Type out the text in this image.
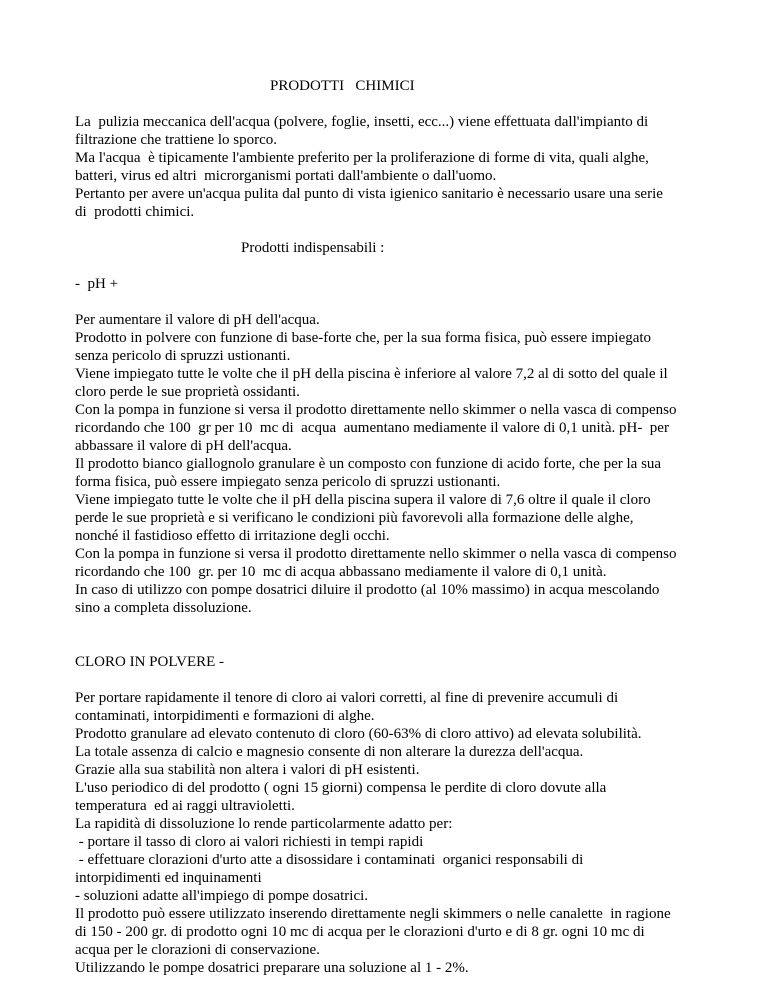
PRODOTTI   CHIMICI

La  pulizia meccanica dell'acqua (polvere, foglie, insetti, ecc...) viene effettuata dall'impianto di
filtrazione che trattiene lo sporco.
Ma l'acqua  è tipicamente l'ambiente preferito per la proliferazione di forme di vita, quali alghe,
batteri, virus ed altri  microrganismi portati dall'ambiente o dall'uomo.
Pertanto per avere un'acqua pulita dal punto di vista igienico sanitario è necessario usare una serie
di  prodotti chimici.

Prodotti indispensabili :

-  pH +

Per aumentare il valore di pH dell'acqua.
Prodotto in polvere con funzione di base-forte che, per la sua forma fisica, può essere impiegato
senza pericolo di spruzzi ustionanti.
Viene impiegato tutte le volte che il pH della piscina è inferiore al valore 7,2 al di sotto del quale il
cloro perde le sue proprietà ossidanti.
Con la pompa in funzione si versa il prodotto direttamente nello skimmer o nella vasca di compenso
ricordando che 100  gr per 10  mc di  acqua  aumentano mediamente il valore di 0,1 unità. pH-  per
abbassare il valore di pH dell'acqua.
Il prodotto bianco giallognolo granulare è un composto con funzione di acido forte, che per la sua
forma fisica, può essere impiegato senza pericolo di spruzzi ustionanti.
Viene impiegato tutte le volte che il pH della piscina supera il valore di 7,6 oltre il quale il cloro
perde le sue proprietà e si verificano le condizioni più favorevoli alla formazione delle alghe,
nonché il fastidioso effetto di irritazione degli occhi.
Con la pompa in funzione si versa il prodotto direttamente nello skimmer o nella vasca di compenso
ricordando che 100  gr. per 10  mc di acqua abbassano mediamente il valore di 0,1 unità.
In caso di utilizzo con pompe dosatrici diluire il prodotto (al 10% massimo) in acqua mescolando
sino a completa dissoluzione.

CLORO IN POLVERE -

Per portare rapidamente il tenore di cloro ai valori corretti, al fine di prevenire accumuli di
contaminati, intorpidimenti e formazioni di alghe.
Prodotto granulare ad elevato contenuto di cloro (60-63% di cloro attivo) ad elevata solubilità.
La totale assenza di calcio e magnesio consente di non alterare la durezza dell'acqua.
Grazie alla sua stabilità non altera i valori di pH esistenti.
L'uso periodico di del prodotto ( ogni 15 giorni) compensa le perdite di cloro dovute alla
temperatura  ed ai raggi ultravioletti.
La rapidità di dissoluzione lo rende particolarmente adatto per:
- portare il tasso di cloro ai valori richiesti in tempi rapidi
- effettuare clorazioni d'urto atte a disossidare i contaminati  organici responsabili di
intorpidimenti ed inquinamenti
- soluzioni adatte all'impiego di pompe dosatrici.
Il prodotto può essere utilizzato inserendo direttamente negli skimmers o nelle canalette  in ragione
di 150 - 200 gr. di prodotto ogni 10 mc di acqua per le clorazioni d'urto e di 8 gr. ogni 10 mc di
acqua per le clorazioni di conservazione.
Utilizzando le pompe dosatrici preparare una soluzione al 1 - 2%.
